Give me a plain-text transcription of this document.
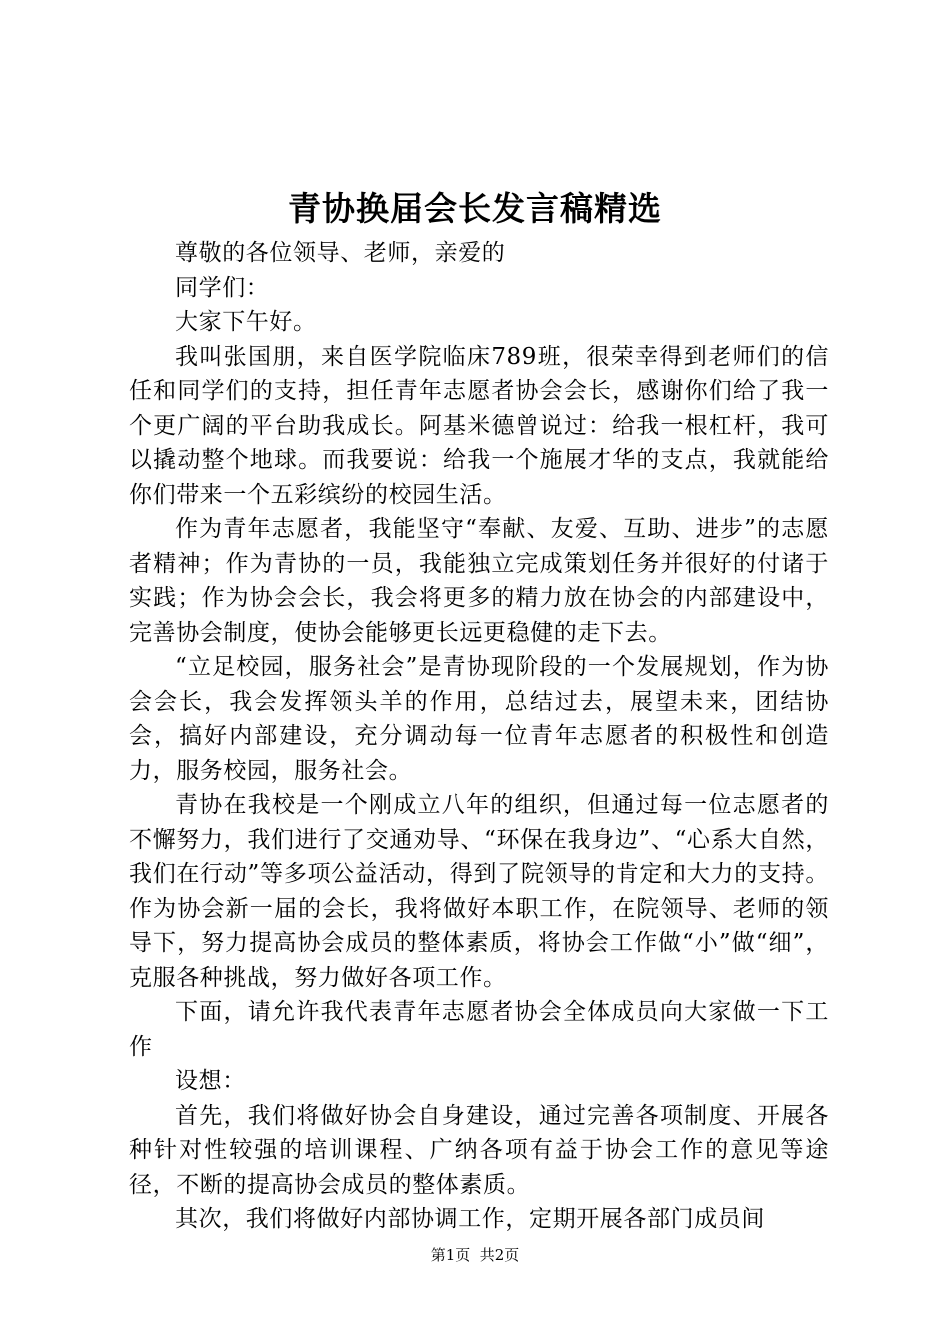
青协换届会长发言稿精选

尊敬的各位领导、老师，亲爱的

同学们：

大家下午好。

我叫张国朋，来自医学院临床789班，很荣幸得到老师们的信任和同学们的支持，担任青年志愿者协会会长，感谢你们给了我一个更广阔的平台助我成长。阿基米德曾说过：给我一根杠杆，我可以撬动整个地球。而我要说：给我一个施展才华的支点，我就能给你们带来一个五彩缤纷的校园生活。

作为青年志愿者，我能坚守“奉献、友爱、互助、进步”的志愿者精神；作为青协的一员，我能独立完成策划任务并很好的付诸于实践；作为协会会长，我会将更多的精力放在协会的内部建设中，完善协会制度，使协会能够更长远更稳健的走下去。

“立足校园，服务社会”是青协现阶段的一个发展规划，作为协会会长，我会发挥领头羊的作用，总结过去，展望未来，团结协会，搞好内部建设，充分调动每一位青年志愿者的积极性和创造力，服务校园，服务社会。

青协在我校是一个刚成立八年的组织，但通过每一位志愿者的不懈努力，我们进行了交通劝导、“环保在我身边”、“心系大自然，我们在行动”等多项公益活动，得到了院领导的肯定和大力的支持。作为协会新一届的会长，我将做好本职工作，在院领导、老师的领导下，努力提高协会成员的整体素质，将协会工作做“小”做“细”，克服各种挑战，努力做好各项工作。

下面，请允许我代表青年志愿者协会全体成员向大家做一下工作

设想：

首先，我们将做好协会自身建设，通过完善各项制度、开展各种针对性较强的培训课程、广纳各项有益于协会工作的意见等途径，不断的提高协会成员的整体素质。

其次，我们将做好内部协调工作，定期开展各部门成员间

第1页  共2页
